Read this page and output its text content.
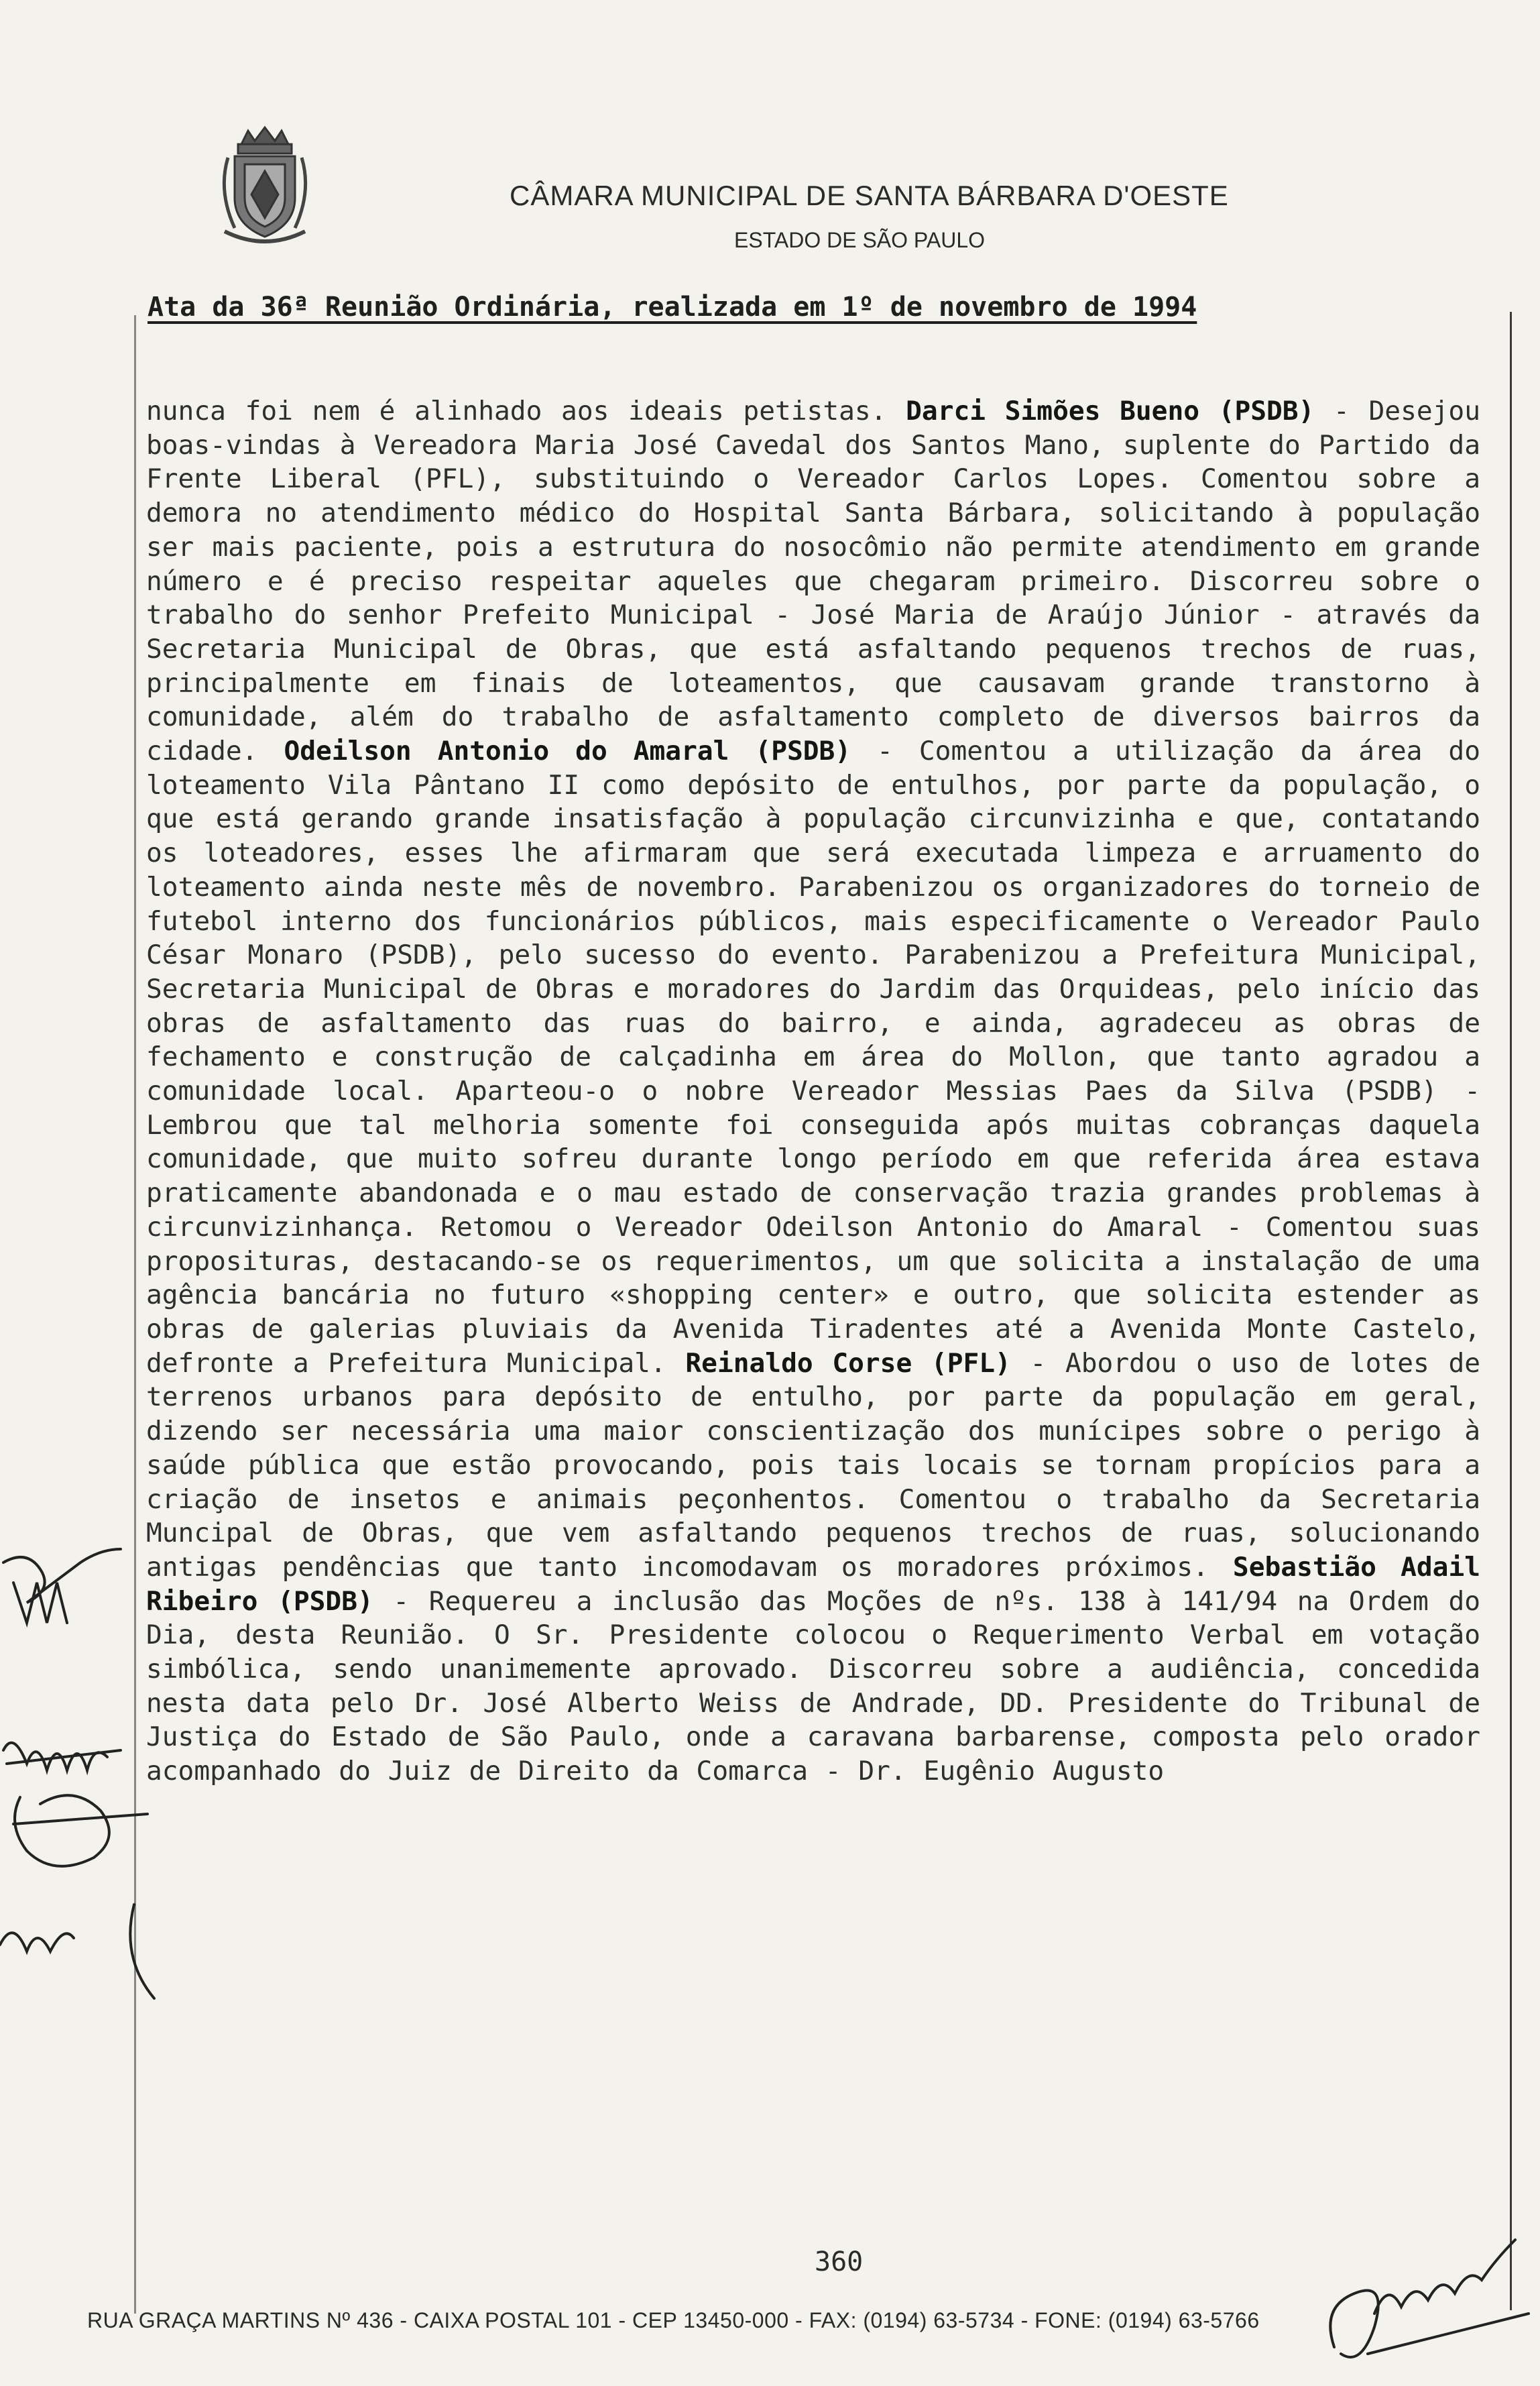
CÂMARA MUNICIPAL DE SANTA BÁRBARA D'OESTE
ESTADO DE SÃO PAULO
Ata da 36ª Reunião Ordinária, realizada em 1º de novembro de 1994
nunca foi nem é alinhado aos ideais petistas. Darci Simões Bueno (PSDB) - Desejou boas-vindas à Vereadora Maria José Cavedal dos Santos Mano, suplente do Partido da Frente Liberal (PFL), substituindo o Vereador Carlos Lopes. Comentou sobre a demora no atendimento médico do Hospital Santa Bárbara, solicitando à população ser mais paciente, pois a estrutura do nosocômio não permite atendimento em grande número e é preciso respeitar aqueles que chegaram primeiro. Discorreu sobre o trabalho do senhor Prefeito Municipal - José Maria de Araújo Júnior - através da Secretaria Municipal de Obras, que está asfaltando pequenos trechos de ruas, principalmente em finais de loteamentos, que causavam grande transtorno à comunidade, além do trabalho de asfaltamento completo de diversos bairros da cidade. Odeilson Antonio do Amaral (PSDB) - Comentou a utilização da área do loteamento Vila Pântano II como depósito de entulhos, por parte da população, o que está gerando grande insatisfação à população circunvizinha e que, contatando os loteadores, esses lhe afirmaram que será executada limpeza e arruamento do loteamento ainda neste mês de novembro. Parabenizou os organizadores do torneio de futebol interno dos funcionários públicos, mais especificamente o Vereador Paulo César Monaro (PSDB), pelo sucesso do evento. Parabenizou a Prefeitura Municipal, Secretaria Municipal de Obras e moradores do Jardim das Orquideas, pelo início das obras de asfaltamento das ruas do bairro, e ainda, agradeceu as obras de fechamento e construção de calçadinha em área do Mollon, que tanto agradou a comunidade local. Aparteou-o o nobre Vereador Messias Paes da Silva (PSDB) - Lembrou que tal melhoria somente foi conseguida após muitas cobranças daquela comunidade, que muito sofreu durante longo período em que referida área estava praticamente abandonada e o mau estado de conservação trazia grandes problemas à circunvizinhança. Retomou o Vereador Odeilson Antonio do Amaral - Comentou suas proposituras, destacando-se os requerimentos, um que solicita a instalação de uma agência bancária no futuro «shopping center» e outro, que solicita estender as obras de galerias pluviais da Avenida Tiradentes até a Avenida Monte Castelo, defronte a Prefeitura Municipal. Reinaldo Corse (PFL) - Abordou o uso de lotes de terrenos urbanos para depósito de entulho, por parte da população em geral, dizendo ser necessária uma maior conscientização dos munícipes sobre o perigo à saúde pública que estão provocando, pois tais locais se tornam propícios para a criação de insetos e animais peçonhentos. Comentou o trabalho da Secretaria Muncipal de Obras, que vem asfaltando pequenos trechos de ruas, solucionando antigas pendências que tanto incomodavam os moradores próximos. Sebastião Adail Ribeiro (PSDB) - Requereu a inclusão das Moções de nºs. 138 à 141/94 na Ordem do Dia, desta Reunião. O Sr. Presidente colocou o Requerimento Verbal em votação simbólica, sendo unanimemente aprovado. Discorreu sobre a audiência, concedida nesta data pelo Dr. José Alberto Weiss de Andrade, DD. Presidente do Tribunal de Justiça do Estado de São Paulo, onde a caravana barbarense, composta pelo orador acompanhado do Juiz de Direito da Comarca - Dr. Eugênio Augusto
360
RUA GRAÇA MARTINS Nº 436 - CAIXA POSTAL 101 - CEP 13450-000 - FAX: (0194) 63-5734 - FONE: (0194) 63-5766
